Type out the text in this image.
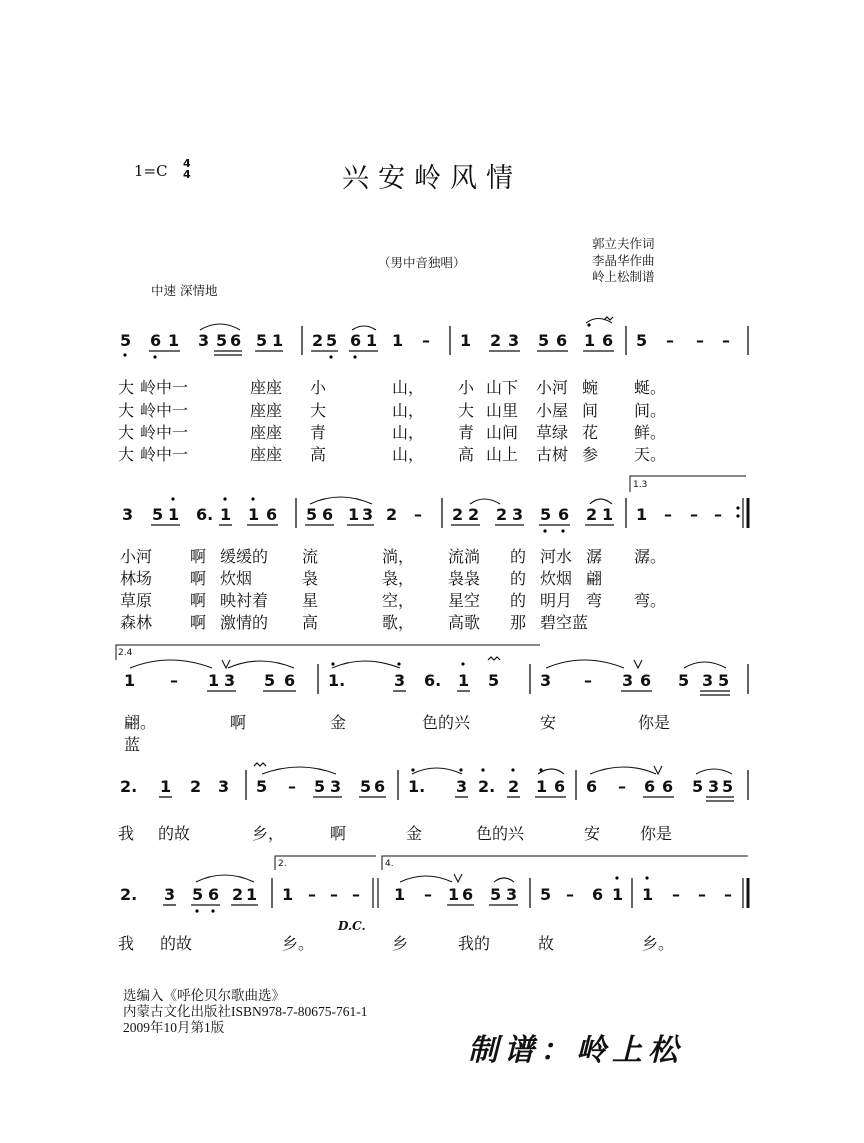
1=C 4
4	兴安岭风情
郭立夫作词
李晶华作曲
岭上松制谱
（男中音独唱）
中速 深情地
5 6 1 3 5 6 5 1 2 5 6 1 1 – 1 2 3 5 6 1 6 5 – – –
3 5 1 6. 1 1 6 5 6 1 3 2 – 2 2 2 3 5 6 2 1
1.3
1 – – –
2.4
1 – 1 3 5 6 1.	3 6. 1 5	3 – 3 6 5 3 5
2. 1 2 3 5 – 5 3 5 6 1. 3 2. 2 1 6 6 – 6 6 5 3 5
2. 3 5 6 2 1
2.
1 – – –
D.C.
4.
1 – 1 6 5 3 5 – 6 1 1 – – –
大 岭中一	座座 小	山， 小 山下 小河 蜿 蜒。
大 岭中一	座座 大	山， 大 山里 小屋 间 间。
大 岭中一	座座 青	山， 青 山间 草绿 花 鲜。
大 岭中一	座座 高	山， 高 山上 古树 参 天。
小河 啊 缓缓的 流	淌， 流淌 的 河水 潺 潺。
林场 啊 炊烟	袅	袅， 袅袅 的 炊烟 翩
草原 啊 映衬着 星	空， 星空 的 明月 弯 弯。
森林 啊 激情的 高	歌， 高歌 那 碧空蓝
翩。	啊	金	色的兴	安	你是
蓝
我 的故	乡，	啊	金	色的兴	安 你是
我 的故	乡。	乡	我的	故	乡。
选编入《呼伦贝尔歌曲选》
内蒙古文化出版社ISBN978-7-80675-761-1
2009年10月第1版
制谱：岭上松
